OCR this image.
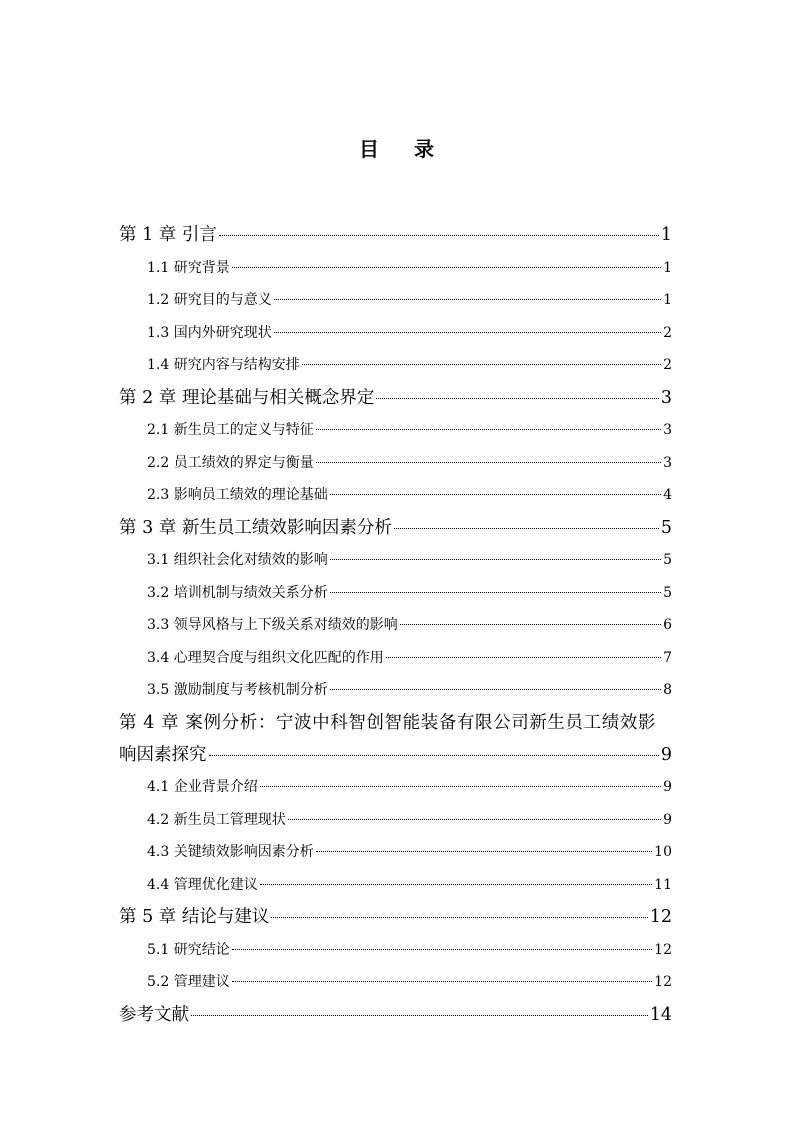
目 录
第 1 章 引言	1
1.1 研究背景	1
1.2 研究目的与意义	1
1.3 国内外研究现状	2
1.4 研究内容与结构安排	2
第 2 章 理论基础与相关概念界定	3
2.1 新生员工的定义与特征	3
2.2 员工绩效的界定与衡量	3
2.3 影响员工绩效的理论基础	4
第 3 章 新生员工绩效影响因素分析	5
3.1 组织社会化对绩效的影响	5
3.2 培训机制与绩效关系分析	5
3.3 领导风格与上下级关系对绩效的影响	6
3.4 心理契合度与组织文化匹配的作用	7
3.5 激励制度与考核机制分析	8
第 4 章 案例分析：宁波中科智创智能装备有限公司新生员工绩效影
响因素探究	9
4.1 企业背景介绍	9
4.2 新生员工管理现状	9
4.3 关键绩效影响因素分析	10
4.4 管理优化建议	11
第 5 章 结论与建议	12
5.1 研究结论	12
5.2 管理建议	12
参考文献	14
